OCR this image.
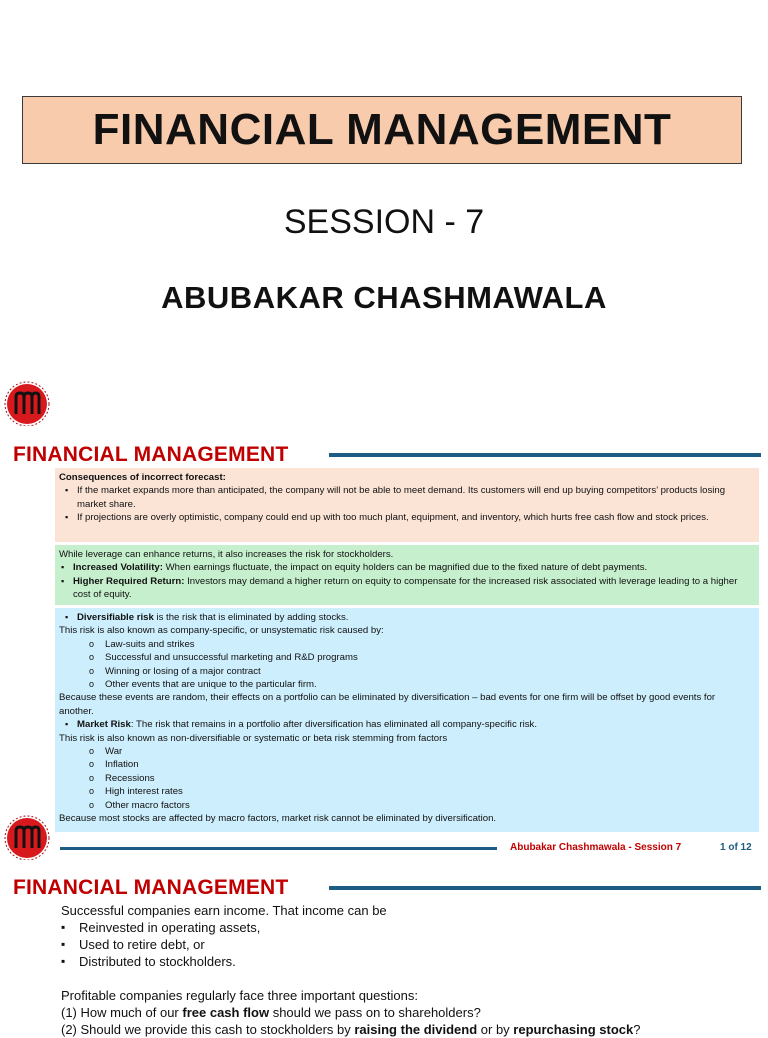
FINANCIAL MANAGEMENT
SESSION - 7
ABUBAKAR CHASHMAWALA
FINANCIAL MANAGEMENT
Consequences of incorrect forecast:
▪ If the market expands more than anticipated, the company will not be able to meet demand. Its customers will end up buying competitors’ products losing market share.
▪ If projections are overly optimistic, company could end up with too much plant, equipment, and inventory, which hurts free cash flow and stock prices.
While leverage can enhance returns, it also increases the risk for stockholders.
▪ Increased Volatility: When earnings fluctuate, the impact on equity holders can be magnified due to the fixed nature of debt payments.
▪ Higher Required Return: Investors may demand a higher return on equity to compensate for the increased risk associated with leverage leading to a higher cost of equity.
▪ Diversifiable risk is the risk that is eliminated by adding stocks.
This risk is also known as company-specific, or unsystematic risk caused by:
o Law-suits and strikes
o Successful and unsuccessful marketing and R&D programs
o Winning or losing of a major contract
o Other events that are unique to the particular firm.
Because these events are random, their effects on a portfolio can be eliminated by diversification – bad events for one firm will be offset by good events for another.
▪ Market Risk: The risk that remains in a portfolio after diversification has eliminated all company-specific risk.
This risk is also known as non-diversifiable or systematic or beta risk stemming from factors
o War
o Inflation
o Recessions
o High interest rates
o Other macro factors
Because most stocks are affected by macro factors, market risk cannot be eliminated by diversification.
Abubakar Chashmawala - Session 7	1 of 12
FINANCIAL MANAGEMENT
Successful companies earn income. That income can be
▪ Reinvested in operating assets,
▪ Used to retire debt, or
▪ Distributed to stockholders.
Profitable companies regularly face three important questions:
(1) How much of our free cash flow should we pass on to shareholders?
(2) Should we provide this cash to stockholders by raising the dividend or by repurchasing stock?
